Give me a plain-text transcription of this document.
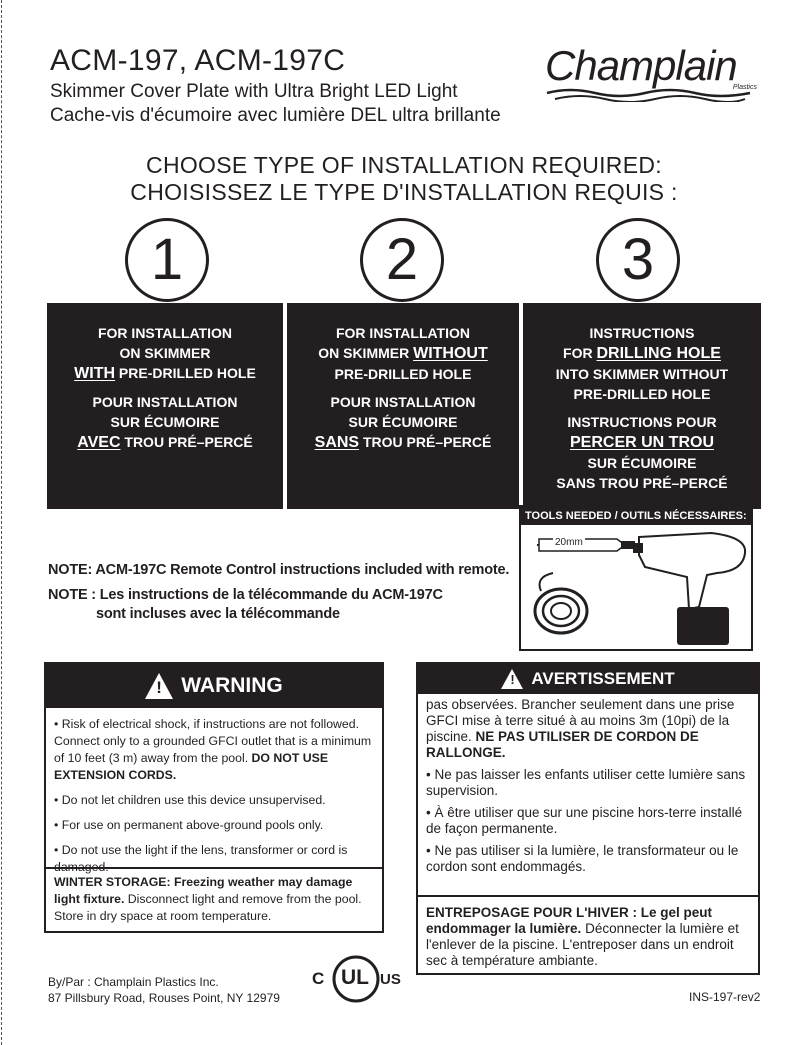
ACM-197, ACM-197C
Skimmer Cover Plate with Ultra Bright LED Light
Cache-vis d'écumoire avec lumière DEL ultra brillante
Champlain
Plastics
CHOOSE TYPE OF INSTALLATION REQUIRED:
CHOISISSEZ LE TYPE D'INSTALLATION REQUIS :
1	2	3
FOR INSTALLATION
ON SKIMMER
WITH PRE-DRILLED HOLE
POUR INSTALLATION
SUR ÉCUMOIRE
AVEC TROU PRÉ–PERCÉ
FOR INSTALLATION
ON SKIMMER WITHOUT
PRE-DRILLED HOLE
POUR INSTALLATION
SUR ÉCUMOIRE
SANS TROU PRÉ–PERCÉ
INSTRUCTIONS
FOR DRILLING HOLE
INTO SKIMMER WITHOUT
PRE-DRILLED HOLE
INSTRUCTIONS POUR
PERCER UN TROU
SUR ÉCUMOIRE
SANS TROU PRÉ–PERCÉ
TOOLS NEEDED / OUTILS NÉCESSAIRES:
20mm
NOTE: ACM-197C Remote Control instructions included with remote.
NOTE : Les instructions de la télécommande du ACM-197C
sont incluses avec la télécommande
! WARNING

• Risk of electrical shock, if instructions are not followed. Connect only to a grounded GFCI outlet that is a minimum of 10 feet (3 m) away from the pool. DO NOT USE EXTENSION CORDS.

• Do not let children use this device unsupervised.

• For use on permanent above-ground pools only.

• Do not use the light if the lens, transformer or cord is damaged.

WINTER STORAGE: Freezing weather may damage light fixture. Disconnect light and remove from the pool. Store in dry space at room temperature.
! AVERTISSEMENT

pas observées. Brancher seulement dans une prise GFCI mise à terre situé à au moins 3m (10pi) de la piscine. NE PAS UTILISER DE CORDON DE RALLONGE.

• Ne pas laisser les enfants utiliser cette lumière sans supervision.

• À être utiliser que sur une piscine hors-terre installé
de façon permanente.

• Ne pas utiliser si la lumière, le transformateur ou le cordon sont endommagés.

ENTREPOSAGE POUR L'HIVER : Le gel peut endommager la lumière. Déconnecter la lumière et l'enlever de la piscine. L'entreposer dans un endroit sec à température ambiante.
By/Par : Champlain Plastics Inc.
87 Pillsbury Road, Rouses Point, NY 12979
C UL US
INS-197-rev2
